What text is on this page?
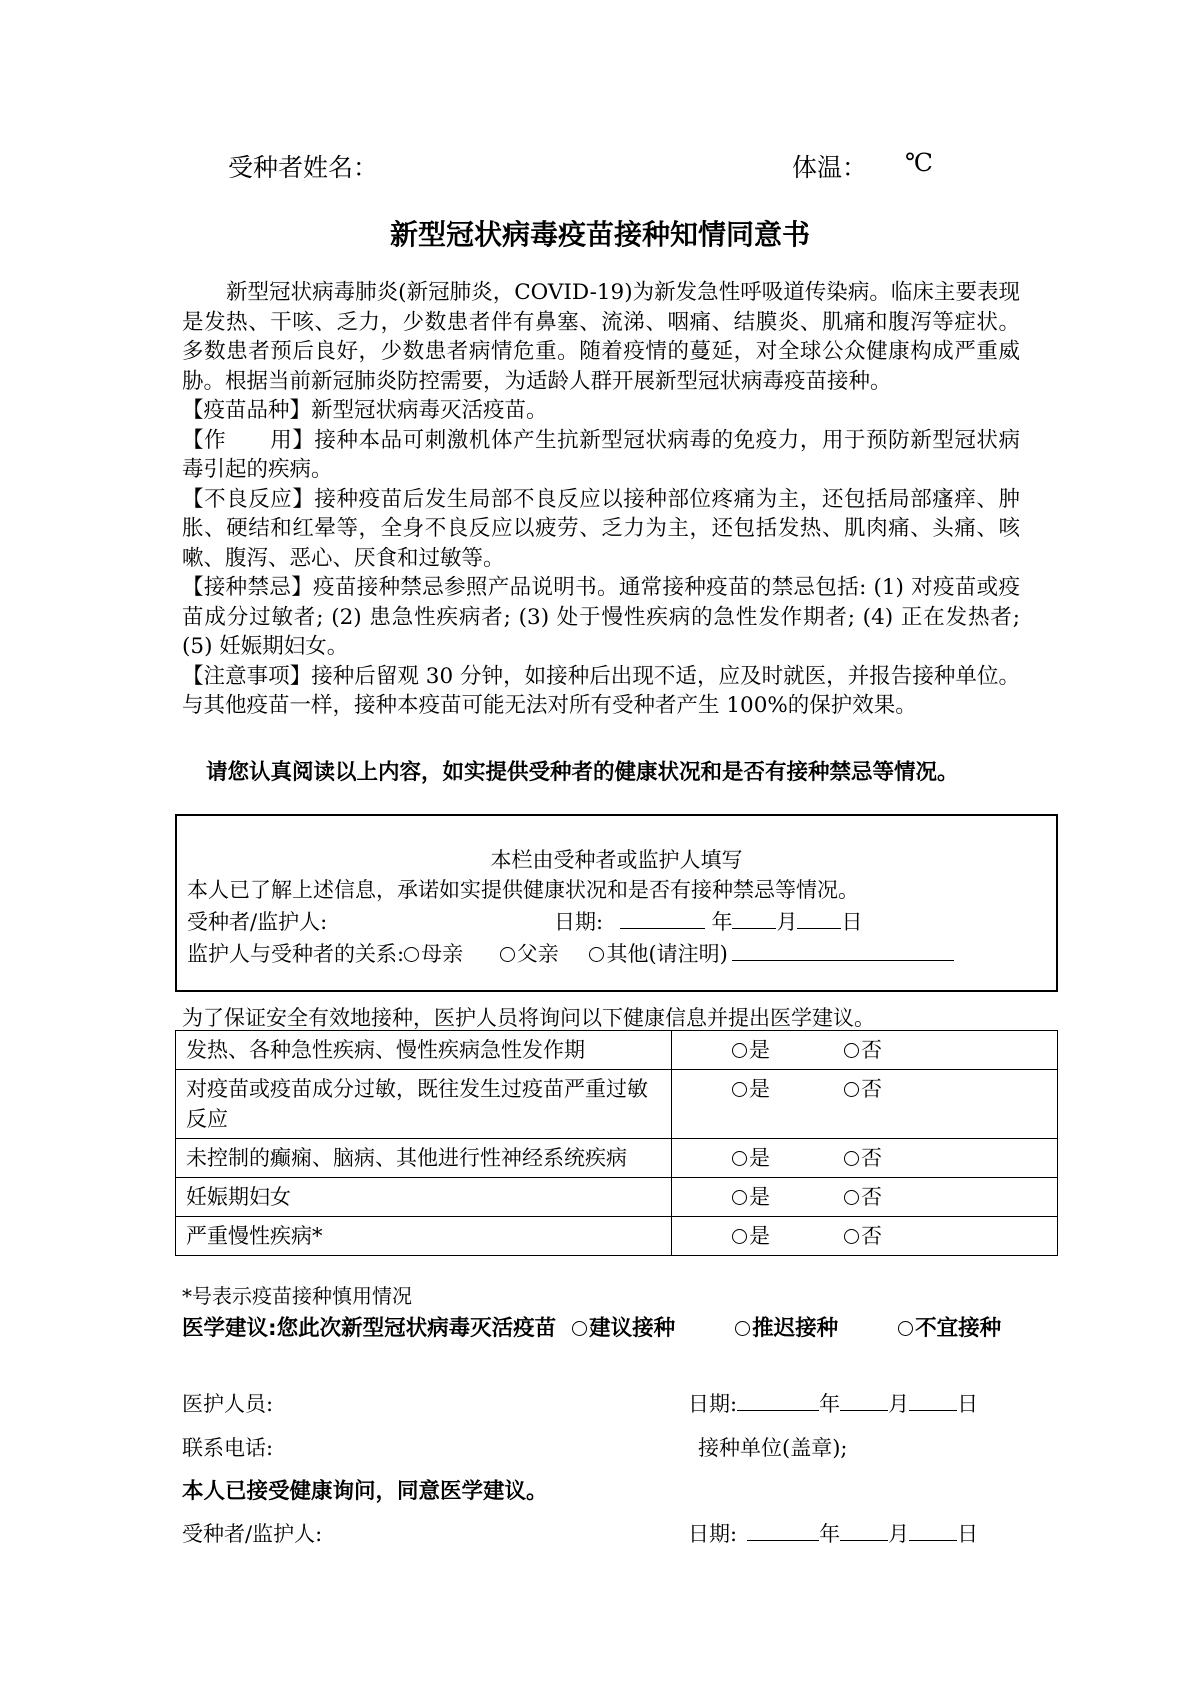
受种者姓名：	体温： ℃
新型冠状病毒疫苗接种知情同意书

新型冠状病毒肺炎(新冠肺炎，COVID-19)为新发急性呼吸道传染病。临床主要表现是发热、干咳、乏力，少数患者伴有鼻塞、流涕、咽痛、结膜炎、肌痛和腹泻等症状。多数患者预后良好，少数患者病情危重。随着疫情的蔓延，对全球公众健康构成严重威胁。根据当前新冠肺炎防控需要，为适龄人群开展新型冠状病毒疫苗接种。

【疫苗品种】新型冠状病毒灭活疫苗。

【作　　用】接种本品可刺激机体产生抗新型冠状病毒的免疫力，用于预防新型冠状病毒引起的疾病。

【不良反应】接种疫苗后发生局部不良反应以接种部位疼痛为主，还包括局部瘙痒、肿胀、硬结和红晕等，全身不良反应以疲劳、乏力为主，还包括发热、肌肉痛、头痛、咳嗽、腹泻、恶心、厌食和过敏等。

【接种禁忌】疫苗接种禁忌参照产品说明书。通常接种疫苗的禁忌包括: (1) 对疫苗或疫苗成分过敏者; (2) 患急性疾病者; (3) 处于慢性疾病的急性发作期者; (4) 正在发热者; (5) 妊娠期妇女。

【注意事项】接种后留观 30 分钟，如接种后出现不适，应及时就医，并报告接种单位。与其他疫苗一样，接种本疫苗可能无法对所有受种者产生 100%的保护效果。

请您认真阅读以上内容，如实提供受种者的健康状况和是否有接种禁忌等情况。
本栏由受种者或监护人填写
本人已了解上述信息，承诺如实提供健康状况和是否有接种禁忌等情况。
受种者/监护人:	日期:	年 月 日
监护人与受种者的关系: 母亲	父亲 其他(请注明)
为了保证安全有效地接种，医护人员将询问以下健康信息并提出医学建议。
发热、各种急性疾病、慢性疾病急性发作期	是 否
对疫苗或疫苗成分过敏，既往发生过疫苗严重过敏反应	是 否
未控制的癫痫、脑病、其他进行性神经系统疾病	是 否
妊娠期妇女	是 否
严重慢性疾病*	是 否
*号表示疫苗接种慎用情况
医学建议:您此次新型冠状病毒灭活疫苗 建议接种	推迟接种	不宜接种
医护人员:	日期:	年 月 日
联系电话:	接种单位(盖章);
本人已接受健康询问，同意医学建议。
受种者/监护人:	日期:	年 月 日
